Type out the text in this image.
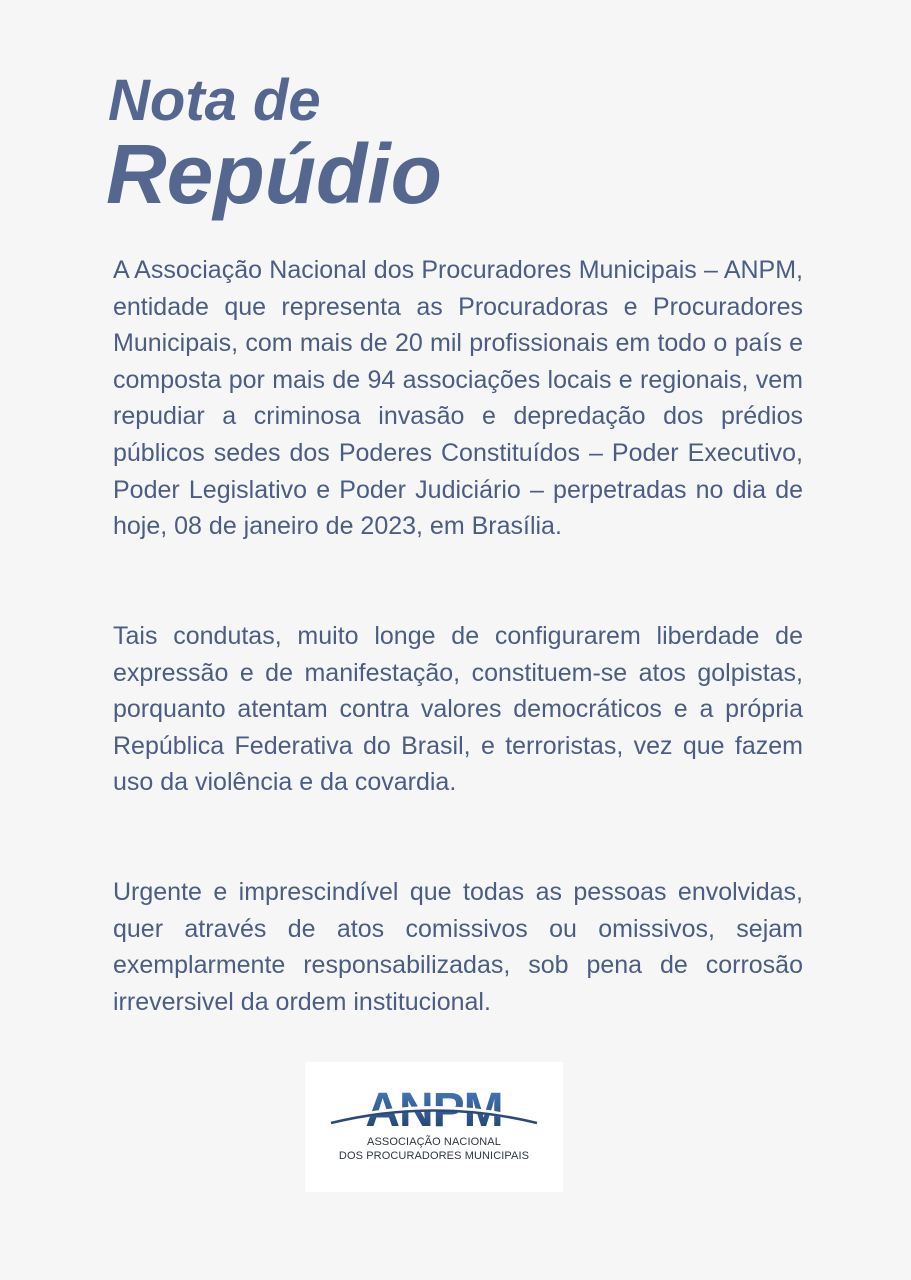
Nota de
Repúdio

A Associação Nacional dos Procuradores Municipais – ANPM, entidade que representa as Procuradoras e Procuradores Municipais, com mais de 20 mil profissionais em todo o país e composta por mais de 94 associações locais e regionais, vem repudiar a criminosa invasão e depredação dos prédios públicos sedes dos Poderes Constituídos – Poder Executivo, Poder Legislativo e Poder Judiciário – perpetradas no dia de hoje, 08 de janeiro de 2023, em Brasília.

Tais condutas, muito longe de configurarem liberdade de expressão e de manifestação, constituem-se atos golpistas, porquanto atentam contra valores democráticos e a própria República Federativa do Brasil, e terroristas, vez que fazem uso da violência e da covardia.

Urgente e imprescindível que todas as pessoas envolvidas, quer através de atos comissivos ou omissivos, sejam exemplarmente responsabilizadas, sob pena de corrosão irreversivel da ordem institucional.

ANPM
ASSOCIAÇÃO NACIONAL
DOS PROCURADORES MUNICIPAIS
